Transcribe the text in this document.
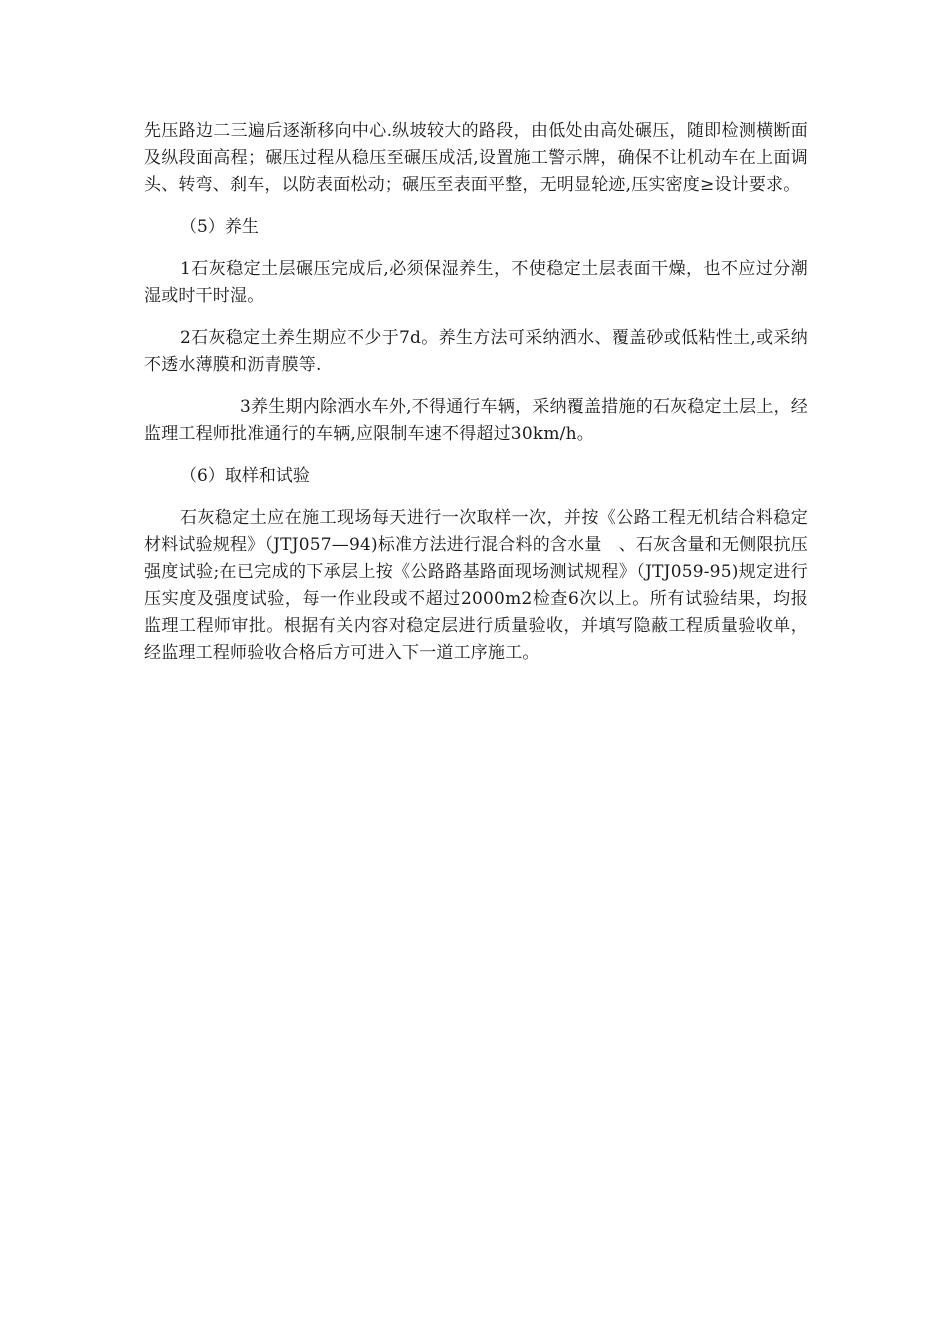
先压路边二三遍后逐渐移向中心.纵坡较大的路段，由低处由高处碾压，随即检测横断面及纵段面高程；碾压过程从稳压至碾压成活,设置施工警示牌，确保不让机动车在上面调头、转弯、刹车，以防表面松动；碾压至表面平整，无明显轮迹,压实密度≥设计要求。

（5）养生

1石灰稳定土层碾压完成后,必须保湿养生，不使稳定土层表面干燥，也不应过分潮湿或时干时湿。

2石灰稳定土养生期应不少于7d。养生方法可采纳洒水、覆盖砂或低粘性土,或采纳不透水薄膜和沥青膜等.

3养生期内除洒水车外,不得通行车辆，采纳覆盖措施的石灰稳定土层上，经监理工程师批准通行的车辆,应限制车速不得超过30km/h。

（6）取样和试验

石灰稳定土应在施工现场每天进行一次取样一次，并按《公路工程无机结合料稳定材料试验规程》（JTJ057—94)标准方法进行混合料的含水量　、石灰含量和无侧限抗压强度试验;在已完成的下承层上按《公路路基路面现场测试规程》（JTJ059-95)规定进行压实度及强度试验，每一作业段或不超过2000m2检查6次以上。所有试验结果，均报监理工程师审批。根据有关内容对稳定层进行质量验收，并填写隐蔽工程质量验收单，经监理工程师验收合格后方可进入下一道工序施工。
